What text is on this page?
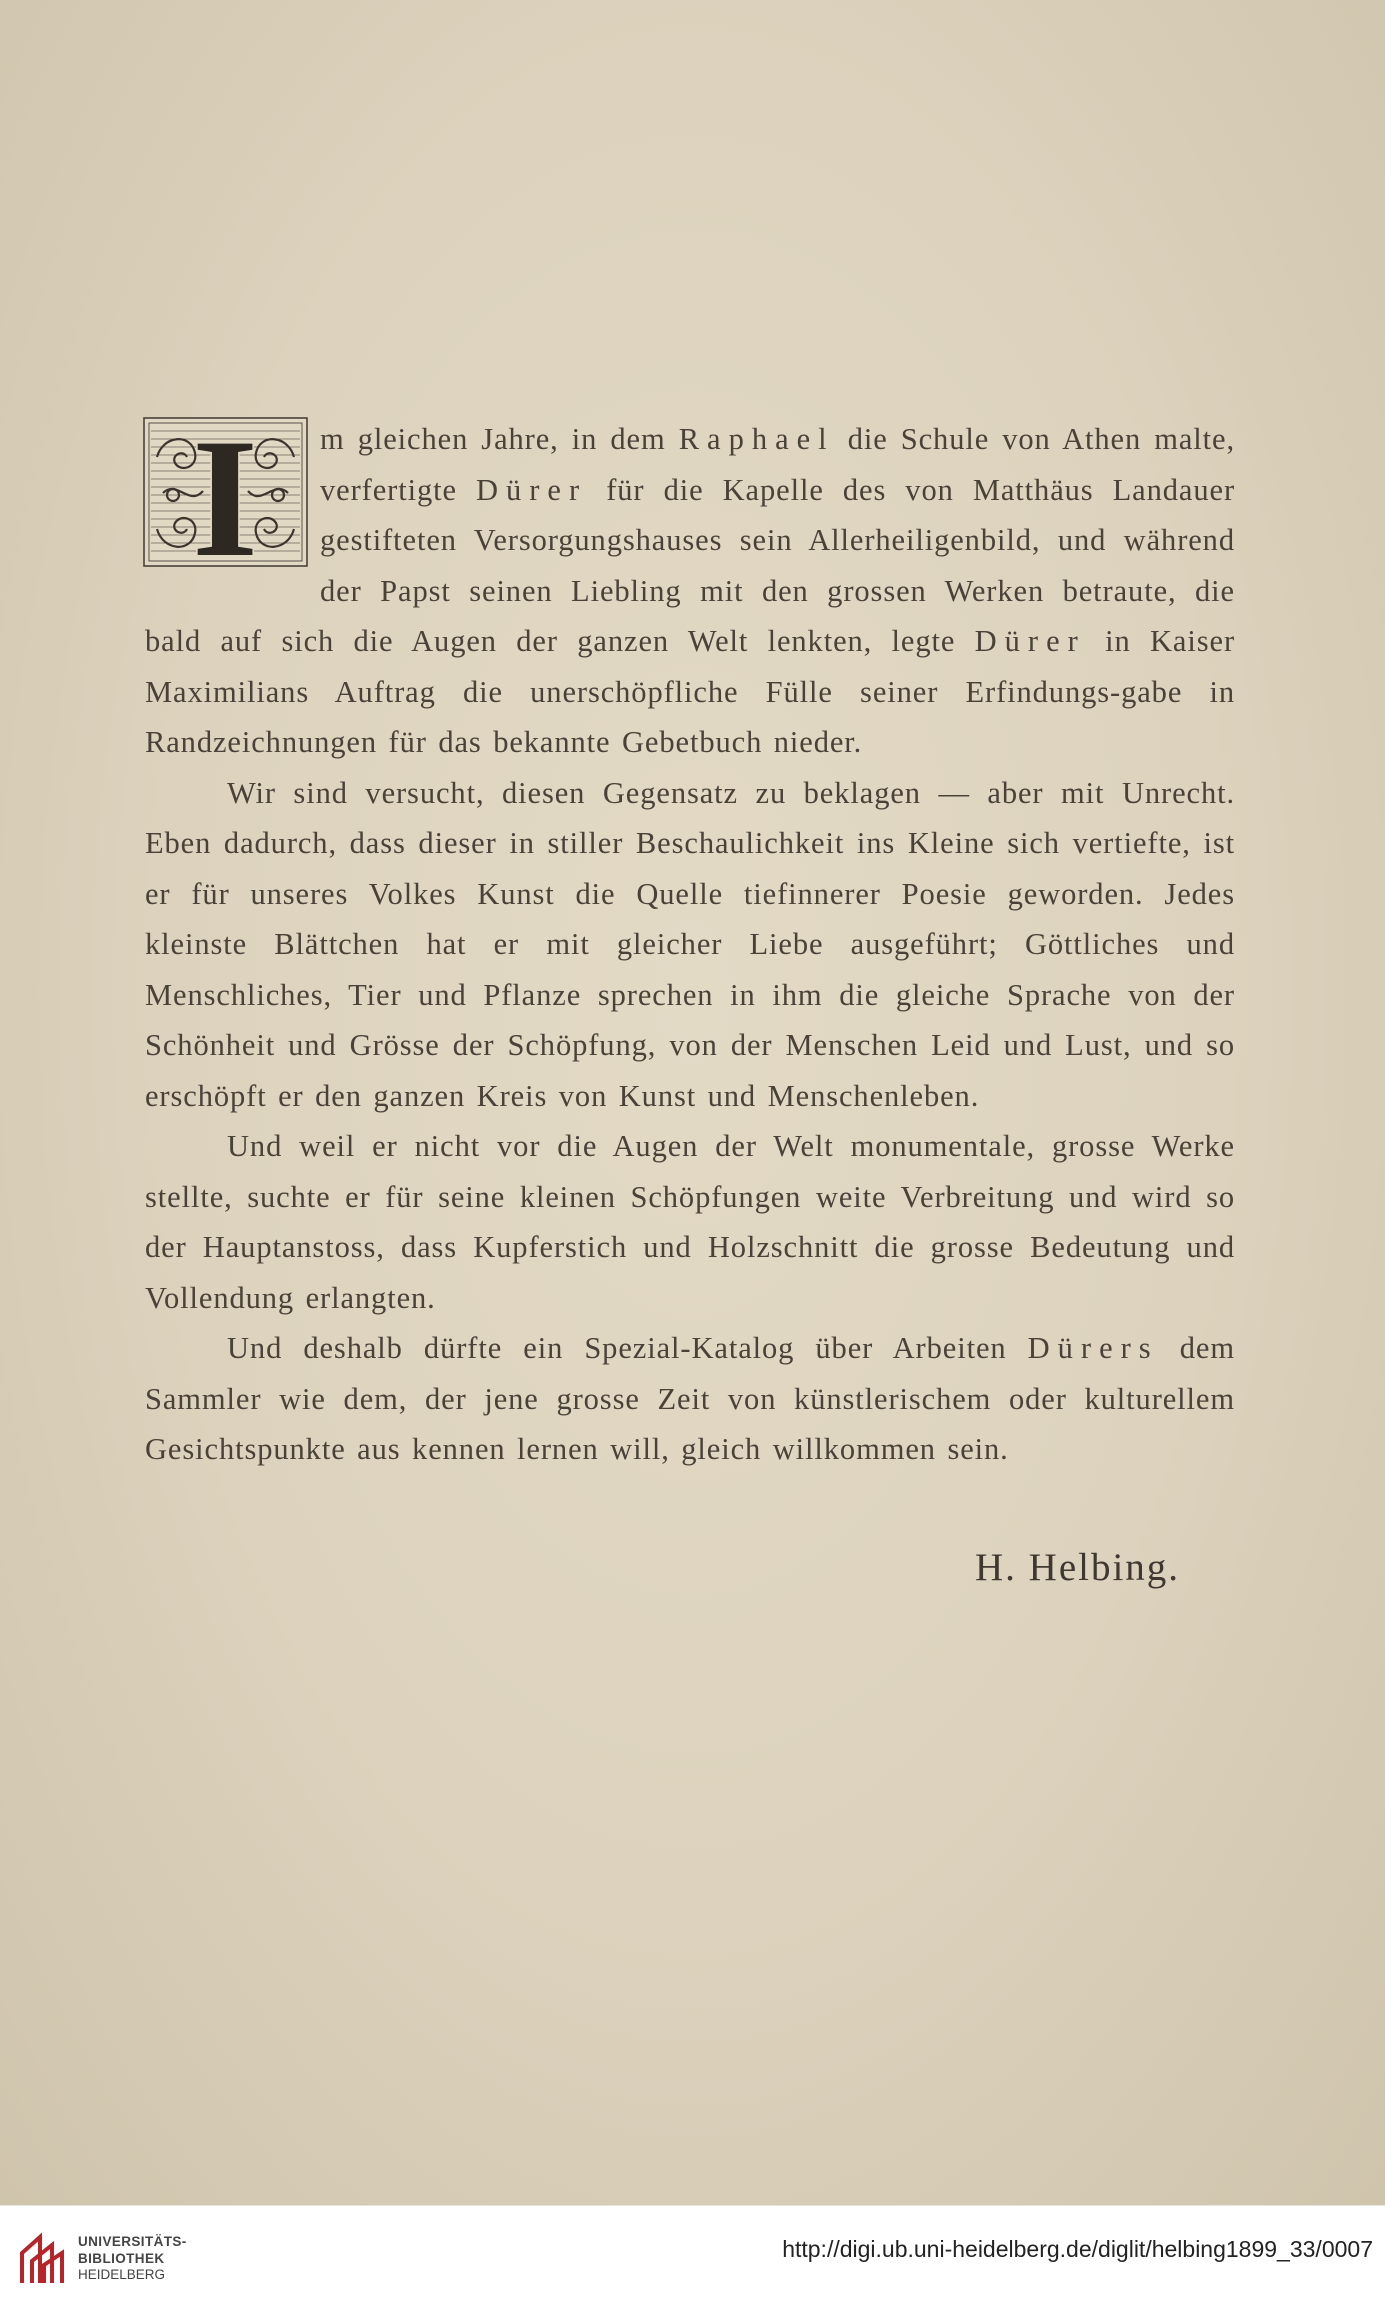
I	m gleichen Jahre, in dem Raphael die Schule von Athen malte, verfertigte Dürer für die Kapelle des von Matthäus Landauer gestifteten Versorgungshauses sein Allerheiligenbild, und während der Papst seinen Liebling mit den grossen Werken betraute, die bald auf sich die Augen der ganzen Welt lenkten, legte Dürer in Kaiser Maximilians Auftrag die unerschöpfliche Fülle seiner Erfindungs-gabe in Randzeichnungen für das bekannte Gebetbuch nieder.

Wir sind versucht, diesen Gegensatz zu beklagen — aber mit Unrecht. Eben dadurch, dass dieser in stiller Beschaulichkeit ins Kleine sich vertiefte, ist er für unseres Volkes Kunst die Quelle tiefinnerer Poesie geworden. Jedes kleinste Blättchen hat er mit gleicher Liebe ausgeführt; Göttliches und Menschliches, Tier und Pflanze sprechen in ihm die gleiche Sprache von der Schönheit und Grösse der Schöpfung, von der Menschen Leid und Lust, und so erschöpft er den ganzen Kreis von Kunst und Menschenleben.

Und weil er nicht vor die Augen der Welt monumentale, grosse Werke stellte, suchte er für seine kleinen Schöpfungen weite Verbreitung und wird so der Hauptanstoss, dass Kupferstich und Holzschnitt die grosse Bedeutung und Vollendung erlangten.

Und deshalb dürfte ein Spezial-Katalog über Arbeiten Dürers dem Sammler wie dem, der jene grosse Zeit von künstlerischem oder kulturellem Gesichtspunkte aus kennen lernen will, gleich willkommen sein.

H. Helbing.
UNIVERSITÄTS-
BIBLIOTHEK
HEIDELBERG
http://digi.ub.uni-heidelberg.de/diglit/helbing1899_33/0007
